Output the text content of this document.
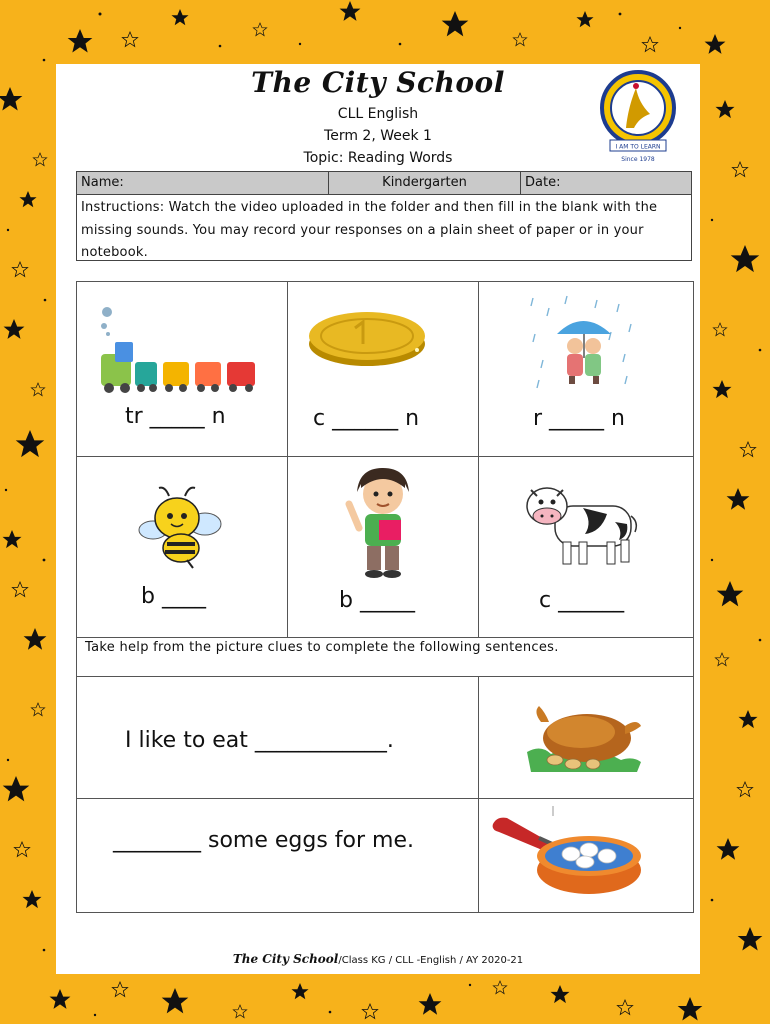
The City School
CLL English
Term 2, Week 1
Topic: Reading Words
I AM TO LEARN
Since 1978
Name:	Kindergarten	Date:
Instructions: Watch the video uploaded in the folder and then fill in the blank with the missing sounds. You may record your responses on a plain sheet of paper or in your notebook.
tr _____ n	c ______ n	r _____ n
b ____	b _____	c ______
Take help from the picture clues to complete the following sentences.
I like to eat ____________.
________ some eggs for me.
The City School/Class KG / CLL -English / AY 2020-21
